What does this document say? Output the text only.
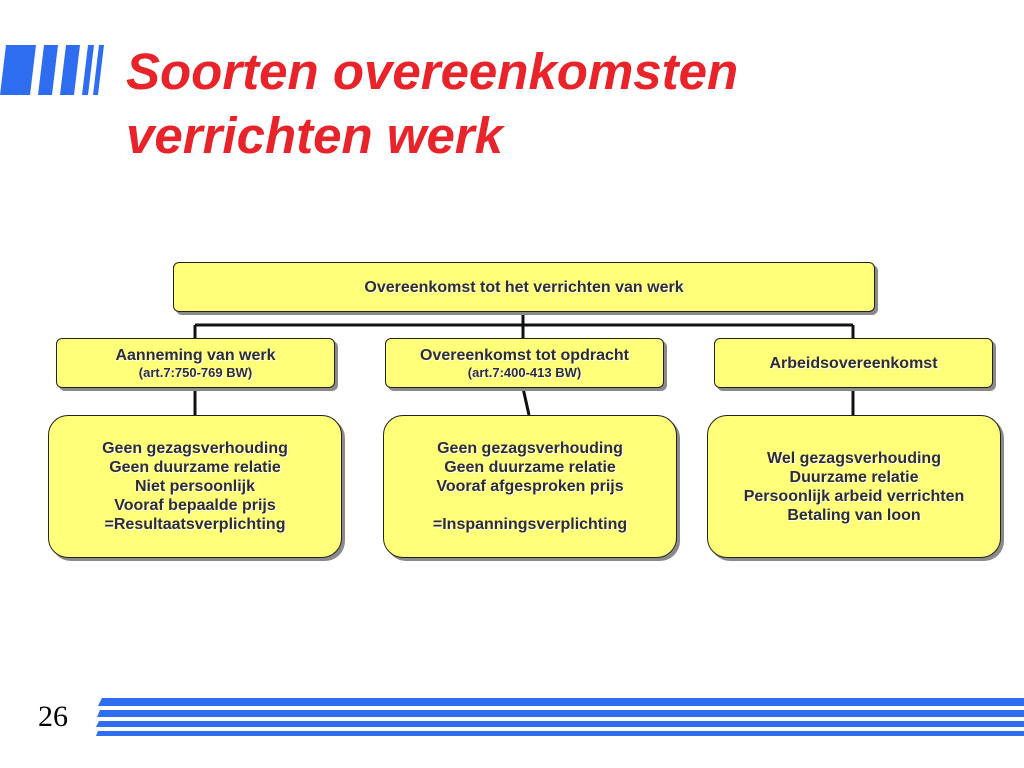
Soorten overeenkomsten
verrichten werk
Overeenkomst tot het verrichten van werk
Aanneming van werk
(art.7:750-769 BW)
Overeenkomst tot opdracht
(art.7:400-413 BW)
Arbeidsovereenkomst
Geen gezagsverhouding
Geen duurzame relatie
Niet persoonlijk
Vooraf bepaalde prijs
=Resultaatsverplichting
Geen gezagsverhouding
Geen duurzame relatie
Vooraf afgesproken prijs
=Inspanningsverplichting
Wel gezagsverhouding
Duurzame relatie
Persoonlijk arbeid verrichten
Betaling van loon
26
